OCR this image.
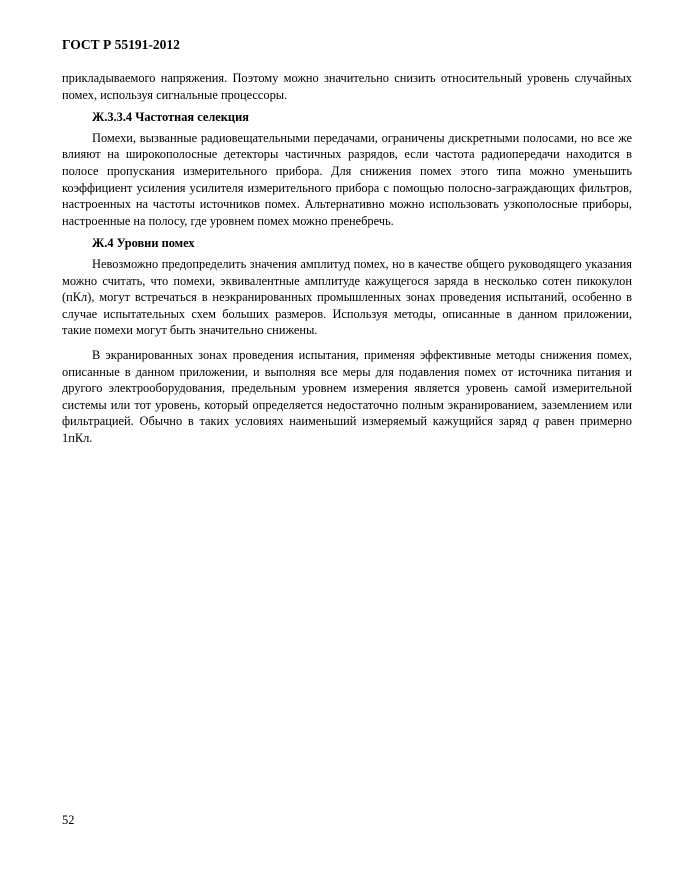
ГОСТ Р 55191-2012

прикладываемого напряжения. Поэтому можно значительно снизить относительный уровень случайных помех, используя сигнальные процессоры.

Ж.3.3.4 Частотная селекция

Помехи, вызванные радиовещательными передачами, ограничены дискретными полосами, но все же влияют на широкополосные детекторы частичных разрядов, если частота радиопередачи находится в полосе пропускания измерительного прибора. Для снижения помех этого типа можно уменьшить коэффициент усиления усилителя измерительного прибора с помощью полосно-заграждающих фильтров, настроенных на частоты источников помех. Альтернативно можно использовать узкополосные приборы, настроенные на полосу, где уровнем помех можно пренебречь.

Ж.4 Уровни помех

Невозможно предопределить значения амплитуд помех, но в качестве общего руководящего указания можно считать, что помехи, эквивалентные амплитуде кажущегося заряда в несколько сотен пикокулон (пКл), могут встречаться в неэкранированных промышленных зонах проведения испытаний, особенно в случае испытательных схем больших размеров. Используя методы, описанные в данном приложении, такие помехи могут быть значительно снижены.

В экранированных зонах проведения испытания, применяя эффективные методы снижения помех, описанные в данном приложении, и выполняя все меры для подавления помех от источника питания и другого электрооборудования, предельным уровнем измерения является уровень самой измерительной системы или тот уровень, который определяется недостаточно полным экранированием, заземлением или фильтрацией. Обычно в таких условиях наименьший измеряемый кажущийся заряд q равен примерно 1пКл.

52
